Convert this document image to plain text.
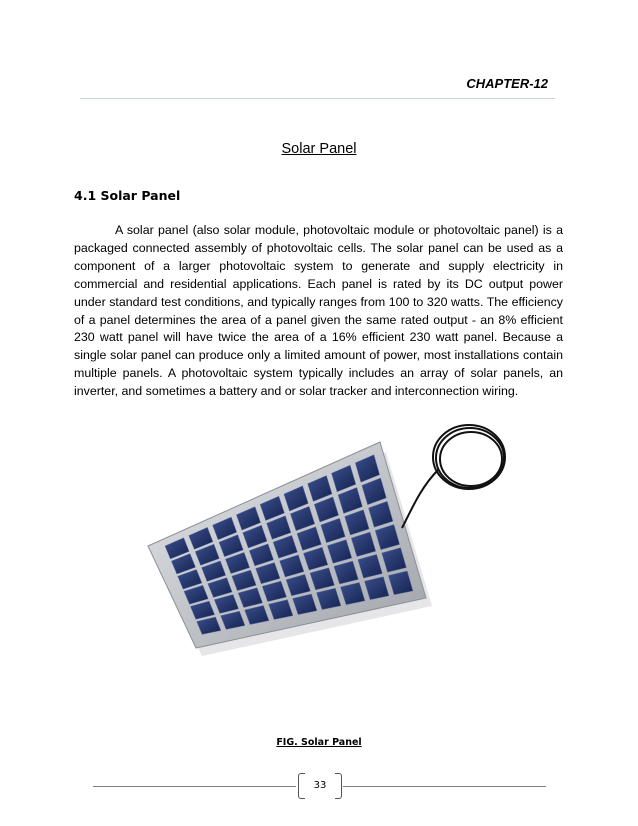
CHAPTER-12
Solar Panel
4.1 Solar Panel

A solar panel (also solar module, photovoltaic module or photovoltaic panel) is a packaged connected assembly of photovoltaic cells. The solar panel can be used as a component of a larger photovoltaic system to generate and supply electricity in commercial and residential applications. Each panel is rated by its DC output power under standard test conditions, and typically ranges from 100 to 320 watts. The efficiency of a panel determines the area of a panel given the same rated output - an 8% efficient 230 watt panel will have twice the area of a 16% efficient 230 watt panel. Because a single solar panel can produce only a limited amount of power, most installations contain multiple panels. A photovoltaic system typically includes an array of solar panels, an inverter, and sometimes a battery and or solar tracker and interconnection wiring.

FIG. Solar Panel
33
